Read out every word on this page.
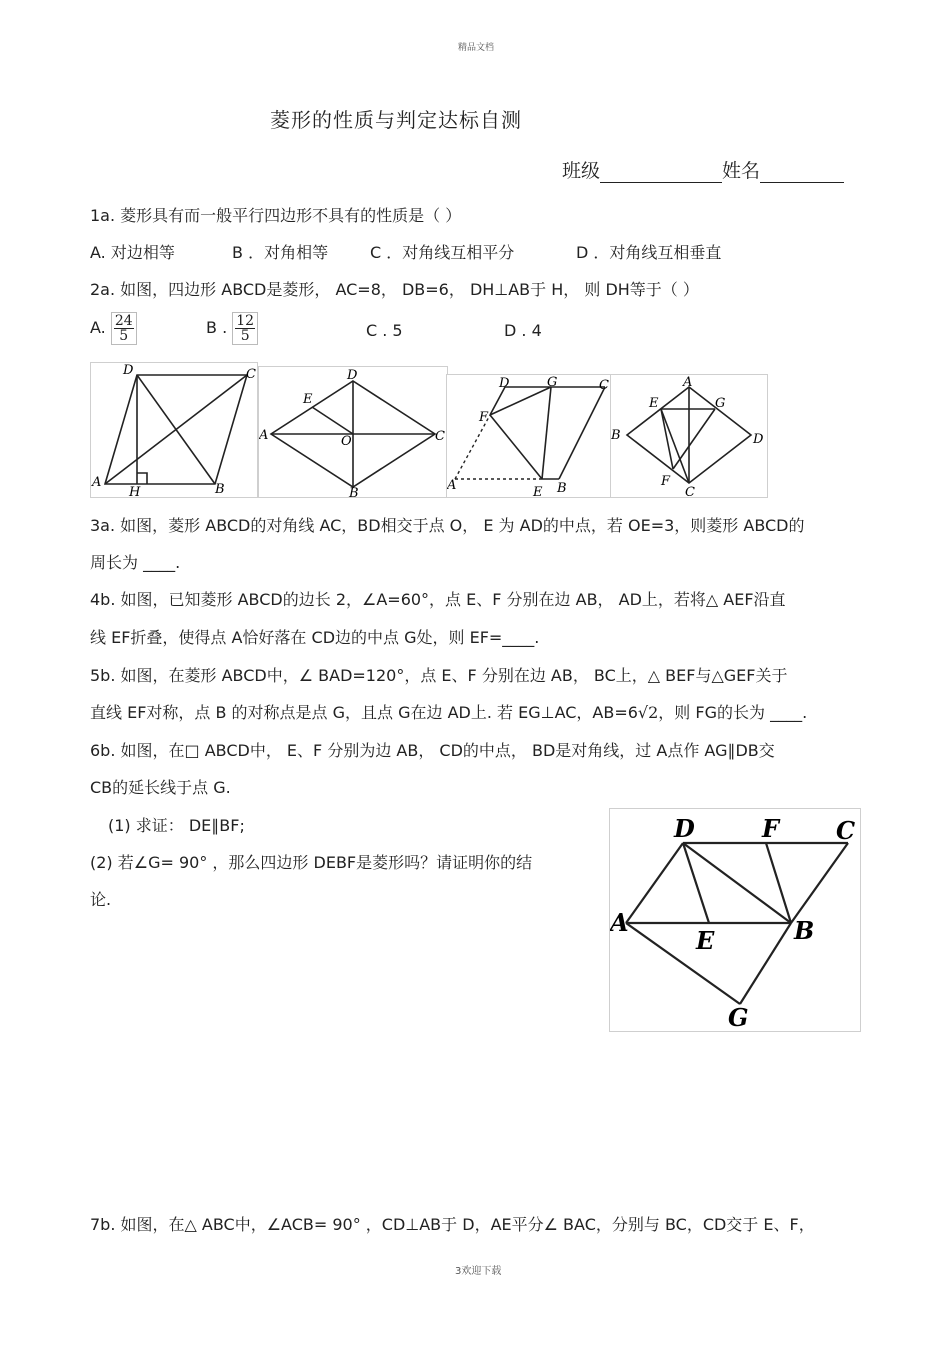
精品文档
菱形的性质与判定达标自测
班级	姓名
1a. 菱形具有而一般平行四边形不具有的性质是（ ）
A. 对边相等	B ．对角相等	C ．对角线互相平分	D ．对角线互相垂直
2a. 如图，四边形 ABCD是菱形， AC=8， DB=6， DH⊥AB于 H， 则 DH等于（ ）
A. $\frac{24}{5}$	B . $\frac{12}{5}$	C . 5	D . 4
D	C
A
H	B
D
E
A	O	C
B
D	G	C
F
A	E B
A
E	G
B	D
F
C
3a. 如图，菱形 ABCD的对角线 AC，BD相交于点 O， E 为 AD的中点，若 OE=3，则菱形 ABCD的
周长为 ____.
4b. 如图，已知菱形 ABCD的边长 2，∠A=60°，点 E、F 分别在边 AB， AD上，若将△ AEF沿直
线 EF折叠，使得点 A恰好落在 CD边的中点 G处，则 EF=____.
5b. 如图，在菱形 ABCD中，∠ BAD=120°，点 E、F 分别在边 AB， BC上，△ BEF与△GEF关于
直线 EF对称，点 B 的对称点是点 G，且点 G在边 AD上. 若 EG⊥AC，AB=6√2，则 FG的长为 ____.
6b. 如图，在□ ABCD中， E、F 分别为边 AB， CD的中点， BD是对角线，过 A点作 AG∥DB交
CB的延长线于点 G.
(1) 求证： DE∥BF;
(2) 若∠G= 90° ，那么四边形 DEBF是菱形吗？请证明你的结
论.
D	F C
A
E	B
G
7b. 如图，在△ ABC中，∠ACB= 90° ，CD⊥AB于 D，AE平分∠ BAC，分别与 BC，CD交于 E、F，
3欢迎下载
